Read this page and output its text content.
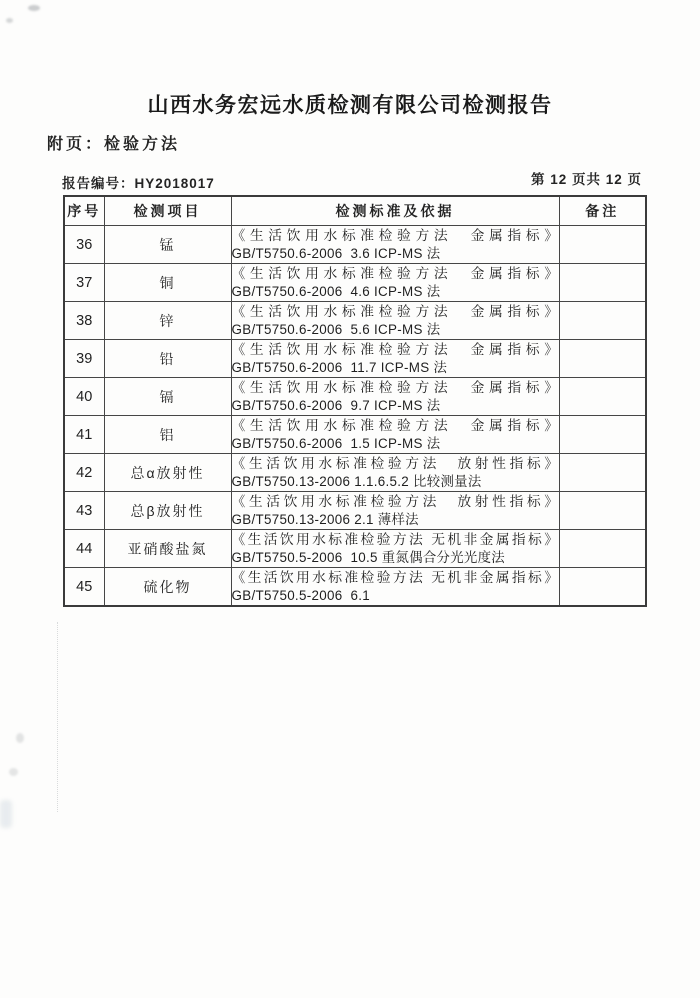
山西水务宏远水质检测有限公司检测报告
附页：检验方法
报告编号：HY2018017	第 12 页共 12 页
序号	检测项目	检测标准及依据	备注
36	锰	《生活饮用水标准检验方法　金属指标》
GB/T5750.6-2006  3.6 ICP-MS 法	

37	铜	《生活饮用水标准检验方法　金属指标》
GB/T5750.6-2006  4.6 ICP-MS 法	

38	锌	《生活饮用水标准检验方法　金属指标》
GB/T5750.6-2006  5.6 ICP-MS 法	

39	铅	《生活饮用水标准检验方法　金属指标》
GB/T5750.6-2006  11.7 ICP-MS 法	

40	镉	《生活饮用水标准检验方法　金属指标》
GB/T5750.6-2006  9.7 ICP-MS 法	

41	铝	《生活饮用水标准检验方法　金属指标》
GB/T5750.6-2006  1.5 ICP-MS 法	

42	总α放射性	《生活饮用水标准检验方法　放射性指标》
GB/T5750.13-2006 1.1.6.5.2 比较测量法	

43	总β放射性	《生活饮用水标准检验方法　放射性指标》
GB/T5750.13-2006 2.1 薄样法	

44	亚硝酸盐氮	《生活饮用水标准检验方法 无机非金属指标》
GB/T5750.5-2006  10.5 重氮偶合分光光度法	

45	硫化物	《生活饮用水标准检验方法 无机非金属指标》
GB/T5750.5-2006  6.1	
